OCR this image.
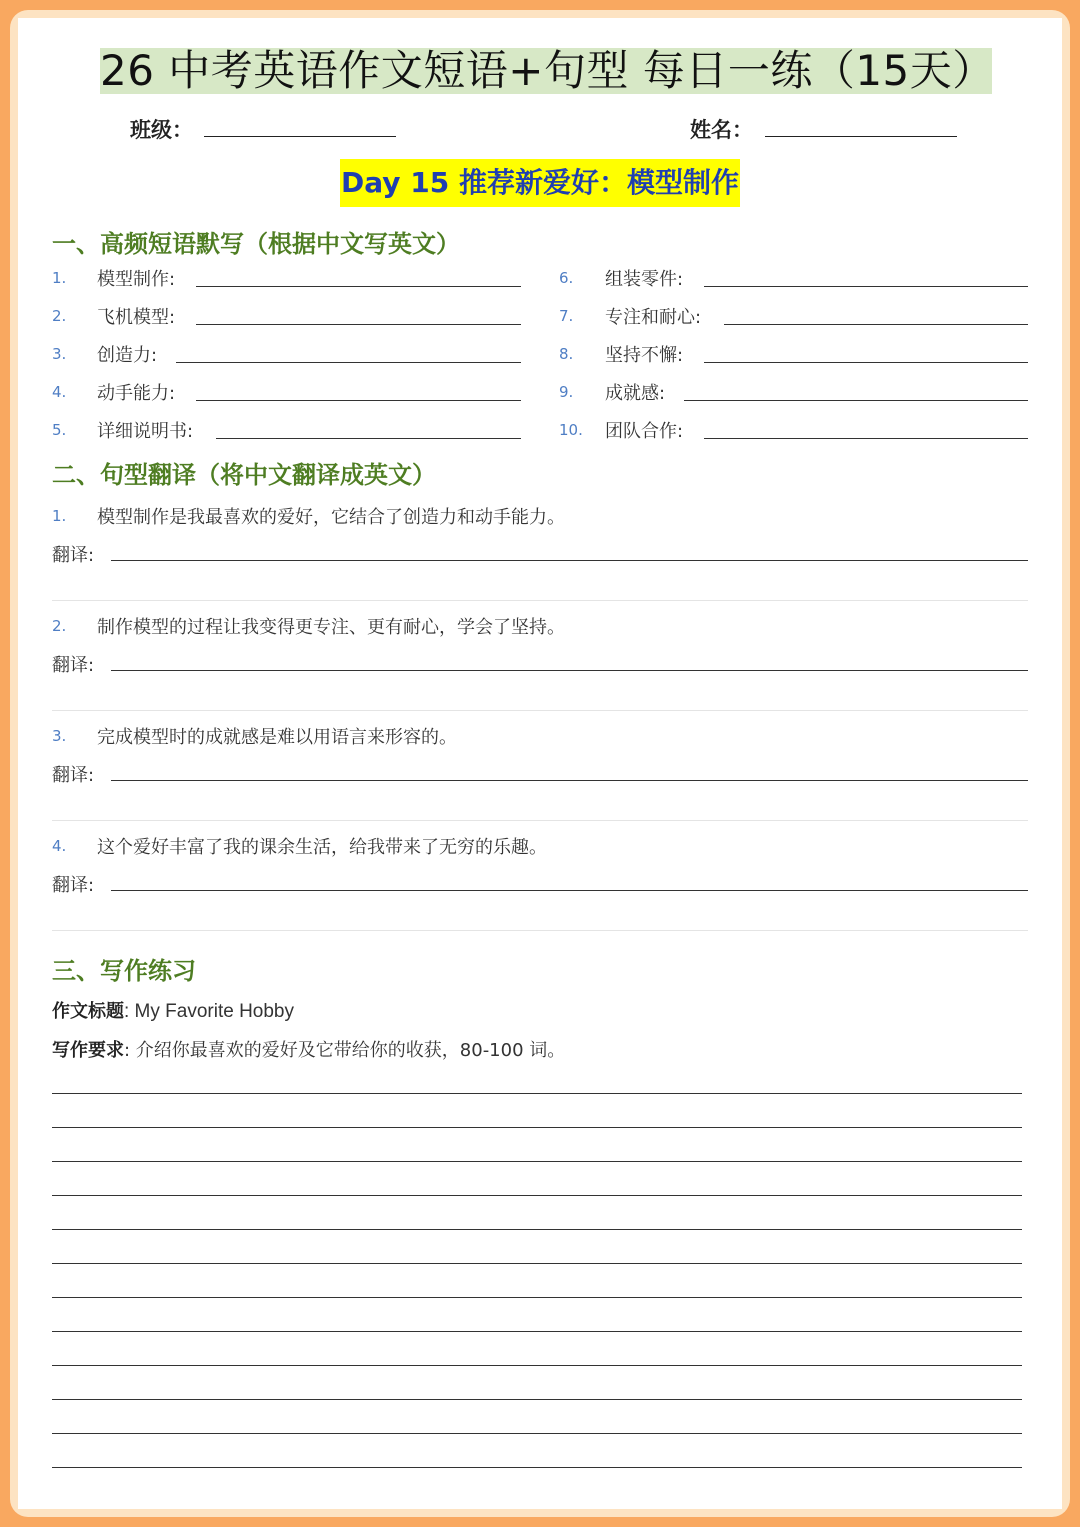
26 中考英语作文短语+句型 每日一练（15天）
班级：	姓名：
Day 15 推荐新爱好：模型制作
一、高频短语默写（根据中文写英文）
1. 模型制作:
2. 飞机模型:
3. 创造力:
4. 动手能力:
5. 详细说明书:
6. 组装零件:
7. 专注和耐心:
8. 坚持不懈:
9. 成就感:
10. 团队合作:
二、句型翻译（将中文翻译成英文）
1. 模型制作是我最喜欢的爱好，它结合了创造力和动手能力。
翻译:
2. 制作模型的过程让我变得更专注、更有耐心，学会了坚持。
翻译:
3. 完成模型时的成就感是难以用语言来形容的。
翻译:
4. 这个爱好丰富了我的课余生活，给我带来了无穷的乐趣。
翻译:
三、写作练习
作文标题: My Favorite Hobby
写作要求: 介绍你最喜欢的爱好及它带给你的收获，80-100 词。
